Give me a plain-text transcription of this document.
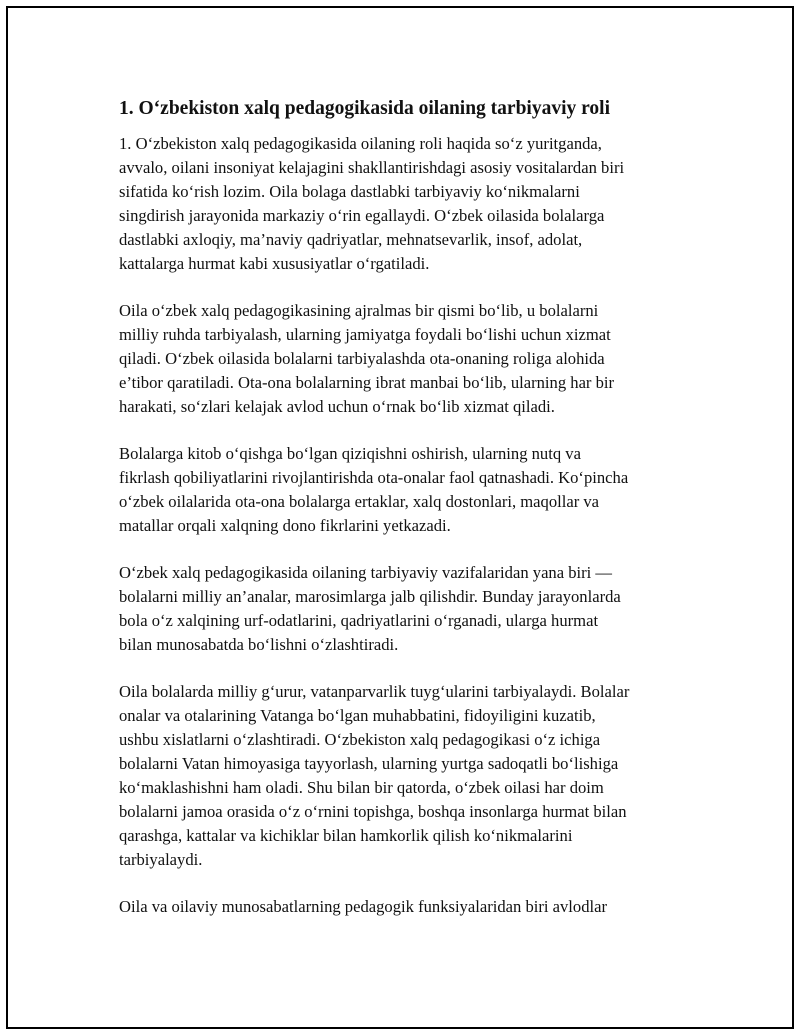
1. O‘zbekiston xalq pedagogikasida oilaning tarbiyaviy roli

1. O‘zbekiston xalq pedagogikasida oilaning roli haqida so‘z yuritganda,
avvalo, oilani insoniyat kelajagini shakllantirishdagi asosiy vositalardan biri
sifatida ko‘rish lozim. Oila bolaga dastlabki tarbiyaviy ko‘nikmalarni
singdirish jarayonida markaziy o‘rin egallaydi. O‘zbek oilasida bolalarga
dastlabki axloqiy, ma’naviy qadriyatlar, mehnatsevarlik, insof, adolat,
kattalarga hurmat kabi xususiyatlar o‘rgatiladi.

Oila o‘zbek xalq pedagogikasining ajralmas bir qismi bo‘lib, u bolalarni
milliy ruhda tarbiyalash, ularning jamiyatga foydali bo‘lishi uchun xizmat
qiladi. O‘zbek oilasida bolalarni tarbiyalashda ota-onaning roliga alohida
e’tibor qaratiladi. Ota-ona bolalarning ibrat manbai bo‘lib, ularning har bir
harakati, so‘zlari kelajak avlod uchun o‘rnak bo‘lib xizmat qiladi.

Bolalarga kitob o‘qishga bo‘lgan qiziqishni oshirish, ularning nutq va
fikrlash qobiliyatlarini rivojlantirishda ota-onalar faol qatnashadi. Ko‘pincha
o‘zbek oilalarida ota-ona bolalarga ertaklar, xalq dostonlari, maqollar va
matallar orqali xalqning dono fikrlarini yetkazadi.

O‘zbek xalq pedagogikasida oilaning tarbiyaviy vazifalaridan yana biri —
bolalarni milliy an’analar, marosimlarga jalb qilishdir. Bunday jarayonlarda
bola o‘z xalqining urf-odatlarini, qadriyatlarini o‘rganadi, ularga hurmat
bilan munosabatda bo‘lishni o‘zlashtiradi.

Oila bolalarda milliy g‘urur, vatanparvarlik tuyg‘ularini tarbiyalaydi. Bolalar
onalar va otalarining Vatanga bo‘lgan muhabbatini, fidoyiligini kuzatib,
ushbu xislatlarni o‘zlashtiradi. O‘zbekiston xalq pedagogikasi o‘z ichiga
bolalarni Vatan himoyasiga tayyorlash, ularning yurtga sadoqatli bo‘lishiga
ko‘maklashishni ham oladi. Shu bilan bir qatorda, o‘zbek oilasi har doim
bolalarni jamoa orasida o‘z o‘rnini topishga, boshqa insonlarga hurmat bilan
qarashga, kattalar va kichiklar bilan hamkorlik qilish ko‘nikmalarini
tarbiyalaydi.

Oila va oilaviy munosabatlarning pedagogik funksiyalaridan biri avlodlar
